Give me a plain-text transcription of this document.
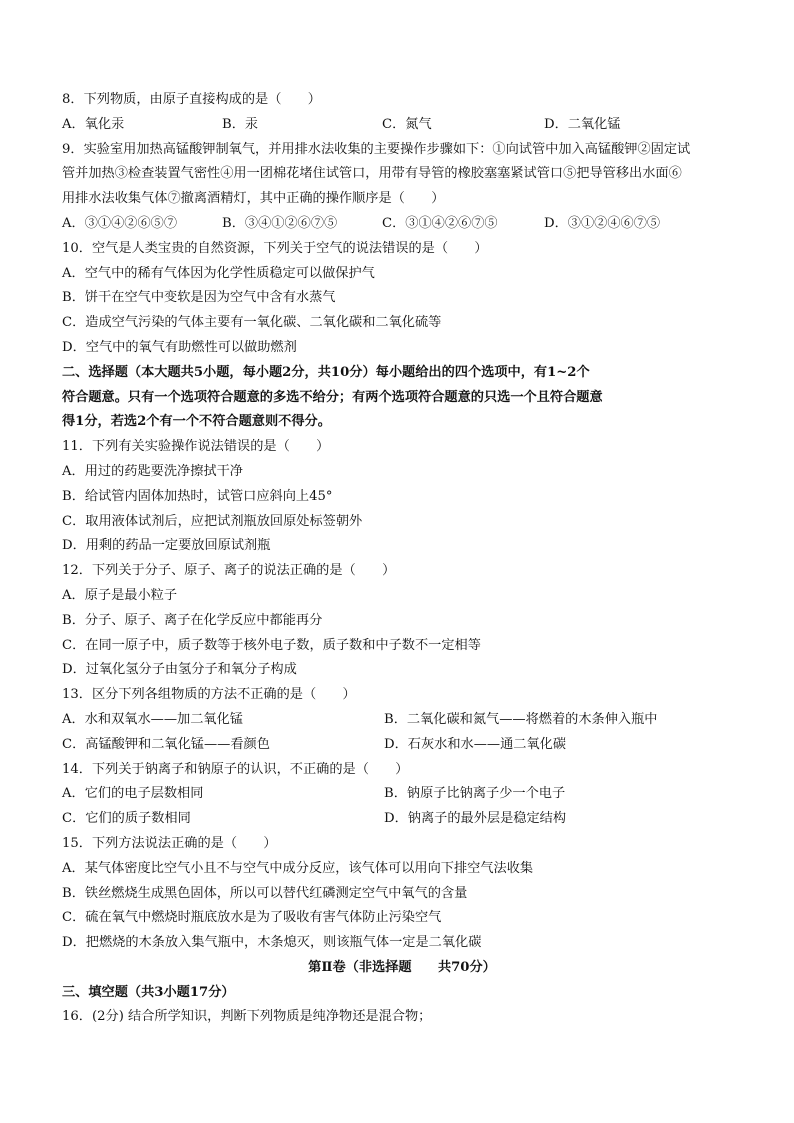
8．下列物质，由原子直接构成的是（　　）
A．氧化汞	B．汞	C．氮气	D．二氧化锰
9．实验室用加热高锰酸钾制氧气，并用排水法收集的主要操作步骤如下：①向试管中加入高锰酸钾②固定试
管并加热③检查装置气密性④用一团棉花堵住试管口，用带有导管的橡胶塞塞紧试管口⑤把导管移出水面⑥
用排水法收集气体⑦撤离酒精灯，其中正确的操作顺序是（　　）
A．③①④②⑥⑤⑦	B．③④①②⑥⑦⑤	C．③①④②⑥⑦⑤	D．③①②④⑥⑦⑤
10．空气是人类宝贵的自然资源，下列关于空气的说法错误的是（　　）
A．空气中的稀有气体因为化学性质稳定可以做保护气
B．饼干在空气中变软是因为空气中含有水蒸气
C．造成空气污染的气体主要有一氧化碳、二氧化碳和二氧化硫等
D．空气中的氧气有助燃性可以做助燃剂
二、选择题（本大题共5小题，每小题2分，共10分）每小题给出的四个选项中，有1~2个
符合题意。只有一个选项符合题意的多选不给分；有两个选项符合题意的只选一个且符合题意
得1分，若选2个有一个不符合题意则不得分。
11．下列有关实验操作说法错误的是（　　）
A．用过的药匙要洗净擦拭干净
B．给试管内固体加热时，试管口应斜向上45°
C．取用液体试剂后，应把试剂瓶放回原处标签朝外
D．用剩的药品一定要放回原试剂瓶
12．下列关于分子、原子、离子的说法正确的是（　　）
A．原子是最小粒子
B．分子、原子、离子在化学反应中都能再分
C．在同一原子中，质子数等于核外电子数，质子数和中子数不一定相等
D．过氧化氢分子由氢分子和氧分子构成
13．区分下列各组物质的方法不正确的是（　　）
A．水和双氧水——加二氧化锰	B．二氧化碳和氮气——将燃着的木条伸入瓶中
C．高锰酸钾和二氧化锰——看颜色	D．石灰水和水——通二氧化碳
14．下列关于钠离子和钠原子的认识，不正确的是（　　）
A．它们的电子层数相同	B．钠原子比钠离子少一个电子
C．它们的质子数相同	D．钠离子的最外层是稳定结构
15．下列方法说法正确的是（　　）
A．某气体密度比空气小且不与空气中成分反应，该气体可以用向下排空气法收集
B．铁丝燃烧生成黑色固体，所以可以替代红磷测定空气中氧气的含量
C．硫在氧气中燃烧时瓶底放水是为了吸收有害气体防止污染空气
D．把燃烧的木条放入集气瓶中，木条熄灭，则该瓶气体一定是二氧化碳
第Ⅱ卷（非选择题　　共70分）
三、填空题（共3小题17分）
16．(2分) 结合所学知识，判断下列物质是纯净物还是混合物；
